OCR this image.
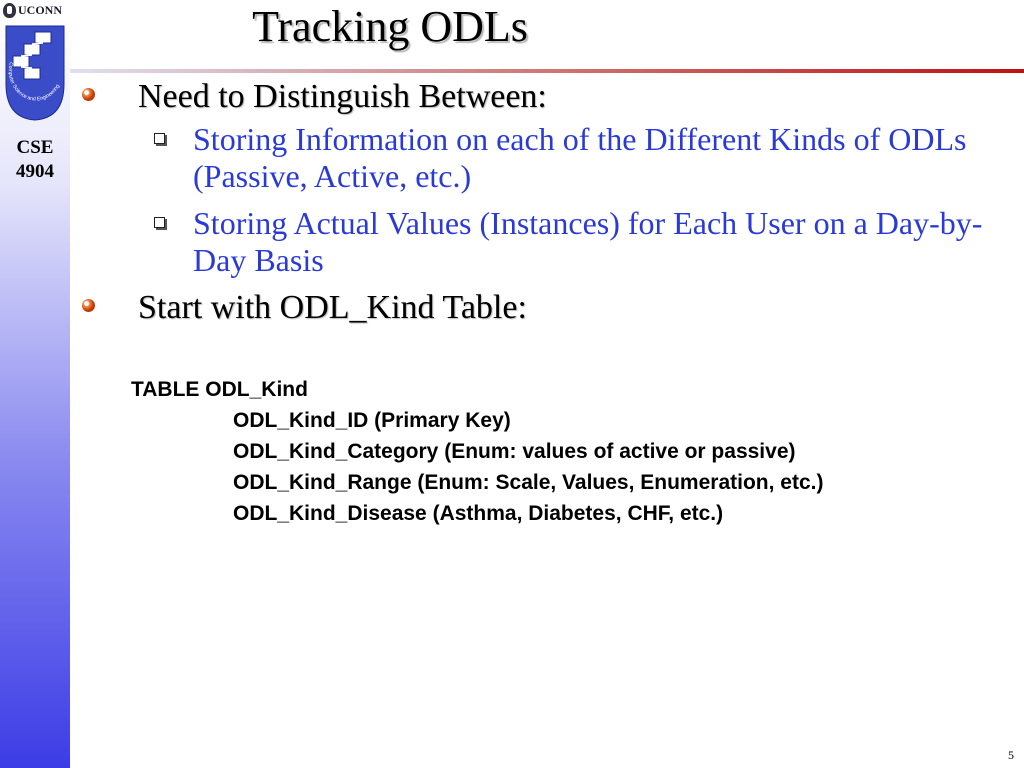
UCONN
Computer Science and Engineering
CSE
4904
Tracking ODLs
Need to Distinguish Between:
Storing Information on each of the Different Kinds of ODLs (Passive, Active, etc.)
Storing Actual Values (Instances) for Each User on a Day-by-Day Basis
Start with ODL_Kind Table:
TABLE ODL_Kind
ODL_Kind_ID (Primary Key)
ODL_Kind_Category (Enum: values of active or passive)
ODL_Kind_Range (Enum: Scale, Values, Enumeration, etc.)
ODL_Kind_Disease (Asthma, Diabetes, CHF, etc.)
5
